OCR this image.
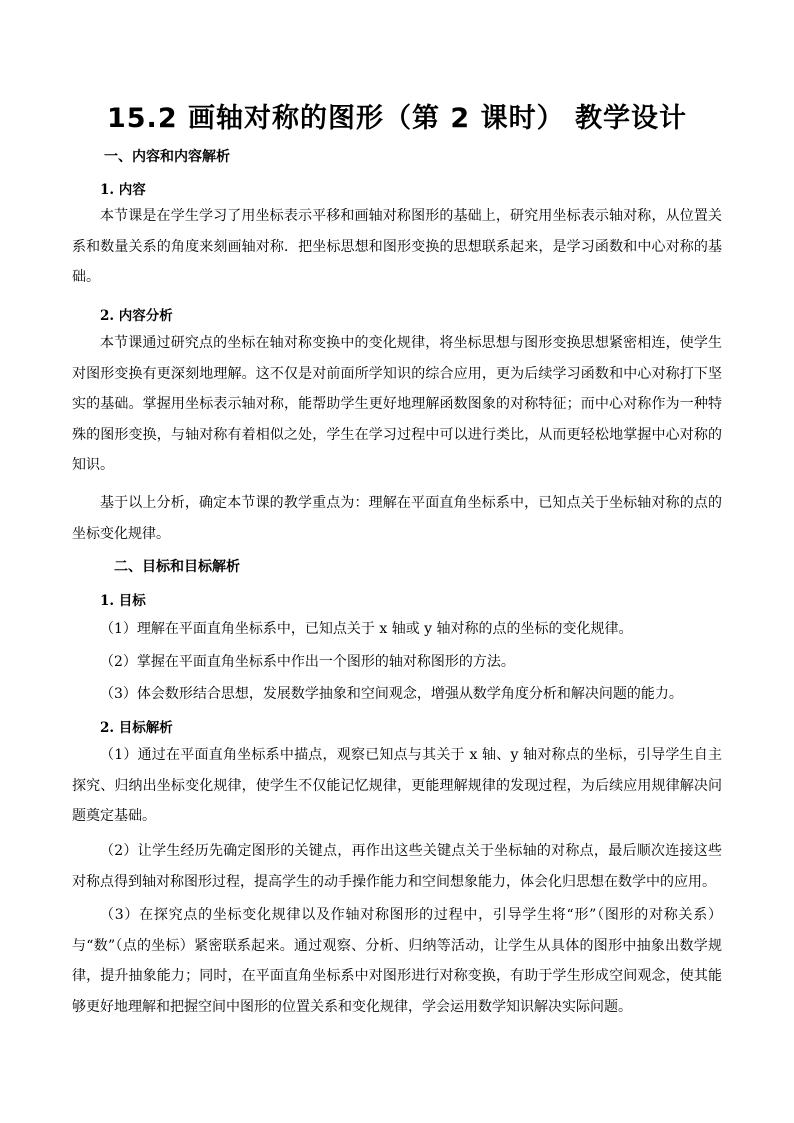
15.2 画轴对称的图形（第 2 课时） 教学设计
一、内容和内容解析
1. 内容

本节课是在学生学习了用坐标表示平移和画轴对称图形的基础上，研究用坐标表示轴对称，从位置关系和数量关系的角度来刻画轴对称．把坐标思想和图形变换的思想联系起来，是学习函数和中心对称的基础。

2. 内容分析

本节课通过研究点的坐标在轴对称变换中的变化规律，将坐标思想与图形变换思想紧密相连，使学生对图形变换有更深刻地理解。这不仅是对前面所学知识的综合应用，更为后续学习函数和中心对称打下坚实的基础。掌握用坐标表示轴对称，能帮助学生更好地理解函数图象的对称特征；而中心对称作为一种特殊的图形变换，与轴对称有着相似之处，学生在学习过程中可以进行类比，从而更轻松地掌握中心对称的知识。

基于以上分析，确定本节课的教学重点为：理解在平面直角坐标系中，已知点关于坐标轴对称的点的坐标变化规律。

二、目标和目标解析
1. 目标

（1）理解在平面直角坐标系中，已知点关于 x 轴或 y 轴对称的点的坐标的变化规律。

（2）掌握在平面直角坐标系中作出一个图形的轴对称图形的方法。

（3）体会数形结合思想，发展数学抽象和空间观念，增强从数学角度分析和解决问题的能力。

2. 目标解析

（1）通过在平面直角坐标系中描点，观察已知点与其关于 x 轴、y 轴对称点的坐标，引导学生自主探究、归纳出坐标变化规律，使学生不仅能记忆规律，更能理解规律的发现过程，为后续应用规律解决问题奠定基础。

（2）让学生经历先确定图形的关键点，再作出这些关键点关于坐标轴的对称点，最后顺次连接这些对称点得到轴对称图形过程，提高学生的动手操作能力和空间想象能力，体会化归思想在数学中的应用。

（3）在探究点的坐标变化规律以及作轴对称图形的过程中，引导学生将“形”（图形的对称关系）与“数”（点的坐标）紧密联系起来。通过观察、分析、归纳等活动，让学生从具体的图形中抽象出数学规律，提升抽象能力；同时，在平面直角坐标系中对图形进行对称变换，有助于学生形成空间观念，使其能够更好地理解和把握空间中图形的位置关系和变化规律，学会运用数学知识解决实际问题。
